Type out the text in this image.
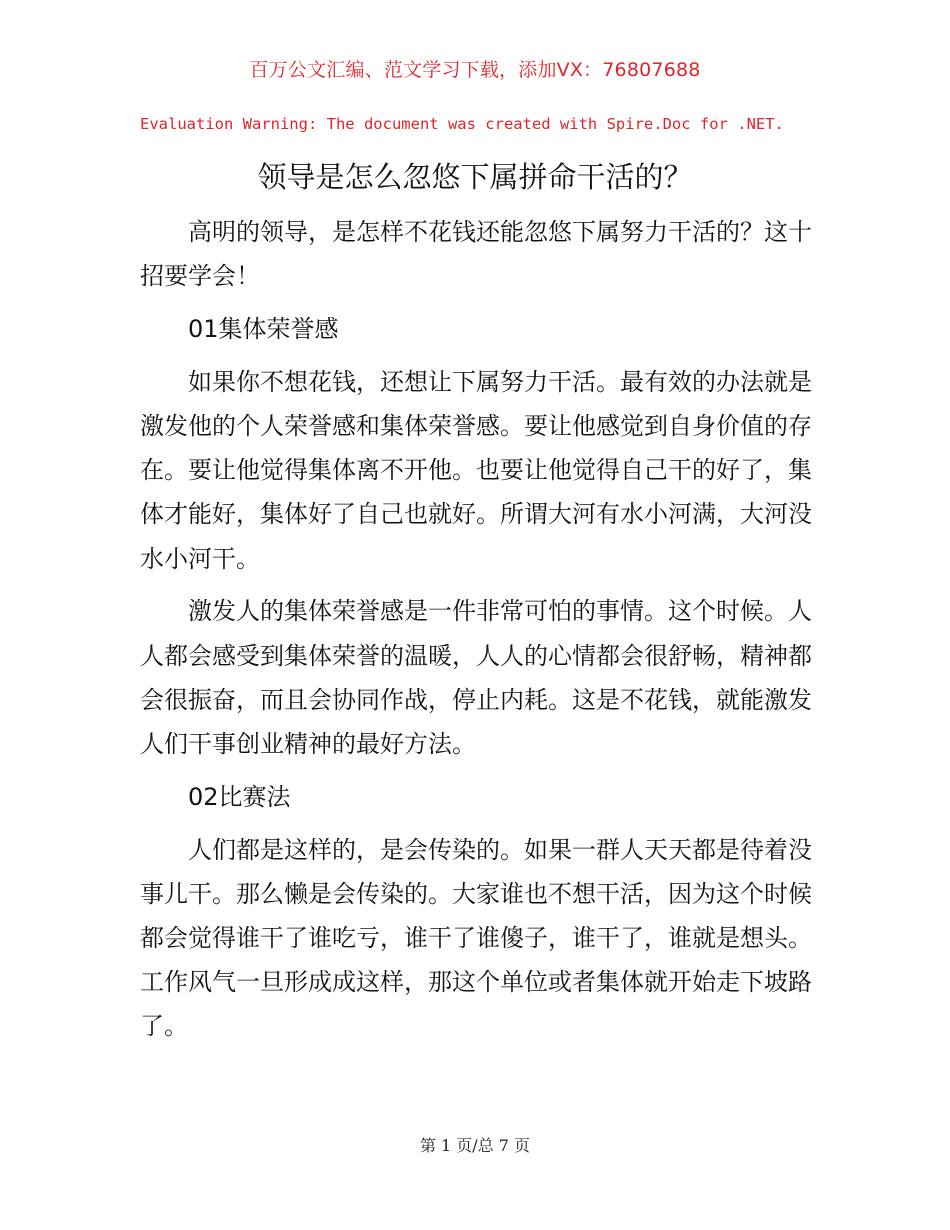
百万公文汇编、范文学习下载，添加VX：76807688
Evaluation Warning: The document was created with Spire.Doc for .NET.
领导是怎么忽悠下属拼命干活的？

高明的领导，是怎样不花钱还能忽悠下属努力干活的？这十招要学会！

01集体荣誉感

如果你不想花钱，还想让下属努力干活。最有效的办法就是激发他的个人荣誉感和集体荣誉感。要让他感觉到自身价值的存在。要让他觉得集体离不开他。也要让他觉得自己干的好了，集体才能好，集体好了自己也就好。所谓大河有水小河满，大河没水小河干。

激发人的集体荣誉感是一件非常可怕的事情。这个时候。人人都会感受到集体荣誉的温暖，人人的心情都会很舒畅，精神都会很振奋，而且会协同作战，停止内耗。这是不花钱，就能激发人们干事创业精神的最好方法。

02比赛法

人们都是这样的，是会传染的。如果一群人天天都是待着没事儿干。那么懒是会传染的。大家谁也不想干活，因为这个时候都会觉得谁干了谁吃亏，谁干了谁傻子，谁干了，谁就是想头。工作风气一旦形成成这样，那这个单位或者集体就开始走下坡路了。

第 1 页/总 7 页
